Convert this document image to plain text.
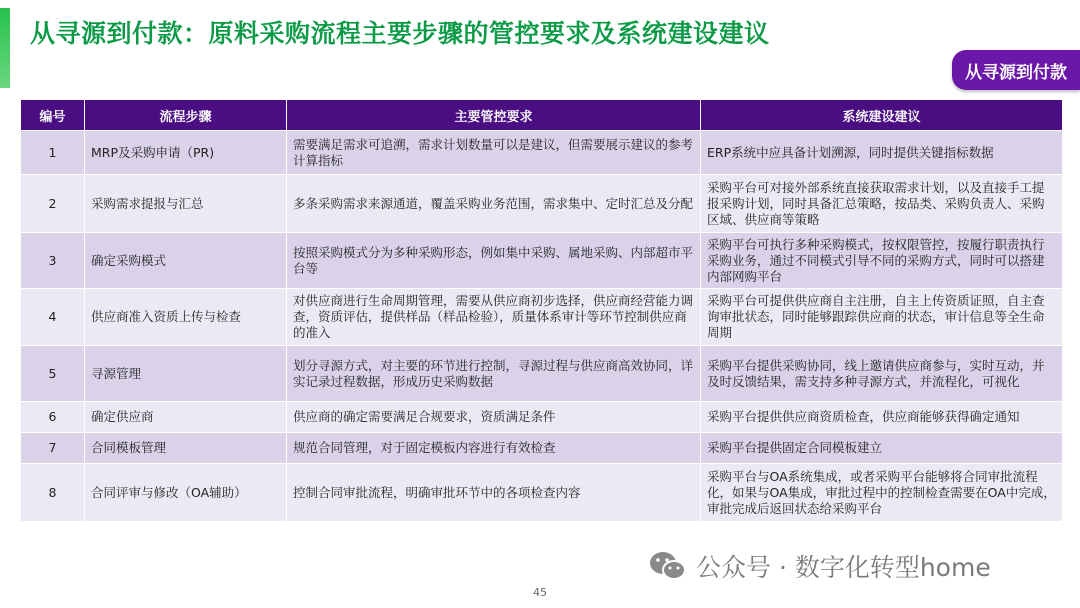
从寻源到付款：原料采购流程主要步骤的管控要求及系统建设建议
从寻源到付款
编号	流程步骤	主要管控要求	系统建设建议
1	MRP及采购申请（PR)	需要满足需求可追溯，需求计划数量可以是建议，但需要展示建议的参考计算指标	ERP系统中应具备计划溯源，同时提供关键指标数据
2	采购需求提报与汇总	多条采购需求来源通道，覆盖采购业务范围，需求集中、定时汇总及分配	采购平台可对接外部系统直接获取需求计划，以及直接手工提报采购计划，同时具备汇总策略，按品类、采购负责人、采购区域、供应商等策略
3	确定采购模式	按照采购模式分为多种采购形态，例如集中采购、属地采购、内部超市平台等	采购平台可执行多种采购模式，按权限管控，按履行职责执行采购业务，通过不同模式引导不同的采购方式，同时可以搭建内部网购平台
4	供应商准入资质上传与检查	对供应商进行生命周期管理，需要从供应商初步选择，供应商经营能力调查，资质评估，提供样品（样品检验），质量体系审计等环节控制供应商的准入	采购平台可提供供应商自主注册，自主上传资质证照，自主查询审批状态，同时能够跟踪供应商的状态，审计信息等全生命周期
5	寻源管理	划分寻源方式，对主要的环节进行控制，寻源过程与供应商高效协同，详实记录过程数据，形成历史采购数据	采购平台提供采购协同，线上邀请供应商参与，实时互动，并及时反馈结果，需支持多种寻源方式，并流程化，可视化
6	确定供应商	供应商的确定需要满足合规要求，资质满足条件	采购平台提供供应商资质检查，供应商能够获得确定通知
7	合同模板管理	规范合同管理，对于固定模板内容进行有效检查	采购平台提供固定合同模板建立
8	合同评审与修改（OA辅助）	控制合同审批流程，明确审批环节中的各项检查内容	采购平台与OA系统集成，或者采购平台能够将合同审批流程化，如果与OA集成，审批过程中的控制检查需要在OA中完成，审批完成后返回状态给采购平台
公众号 · 数字化转型home
45
